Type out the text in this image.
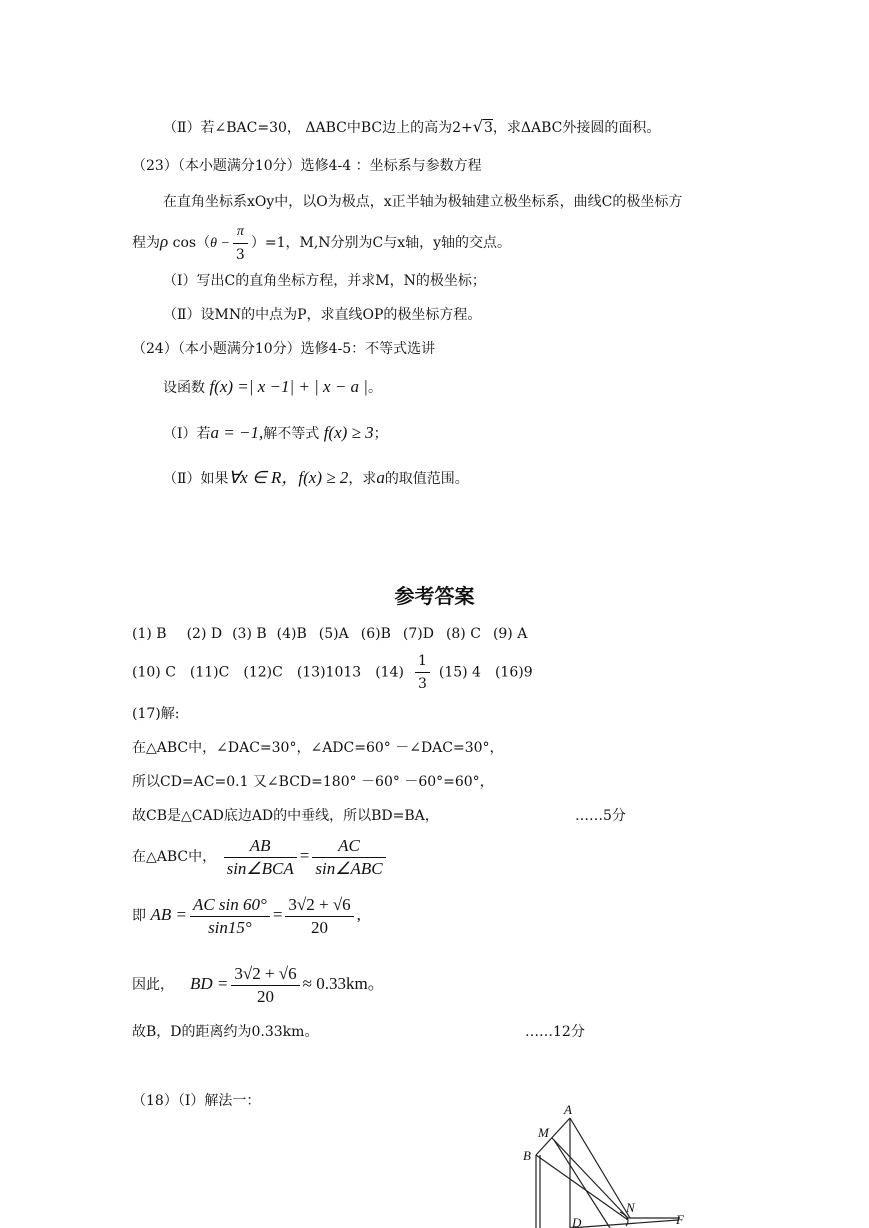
（Ⅱ）若∠BAC=30， ΔABC中BC边上的高为2+√3，求ΔABC外接圆的面积。
（23）（本小题满分10分）选修4-4 ：坐标系与参数方程
在直角坐标系xOy中，以O为极点，x正半轴为极轴建立极坐标系，曲线C的极坐标方
程为ρ $\cos(\theta - \frac{\pi}{3} )=1$，M,N分别为C与x轴，y轴的交点。
（Ⅰ）写出C的直角坐标方程，并求M，N的极坐标；
（Ⅱ）设MN的中点为P，求直线OP的极坐标方程。
（24）（本小题满分10分）选修4-5：不等式选讲
设函数 f(x) =| x −1| + | x − a |。
（Ⅰ）若a = −1,解不等式 f(x) ≥ 3；
（Ⅱ）如果∀x ∈ R，f(x) ≥ 2，求a的取值范围。
参考答案
(1) B (2) D (3) B (4)B (5)A (6)B (7)D (8) C (9) A
(10) C (11)C (12)C (13)1013 $(14) \frac{1}{3} (15)$ 4 (16)9
(17)解:
在△ABC中，∠DAC=30°，∠ADC=60° －∠DAC=30°，
所以CD=AC=0.1 又∠BCD=180° －60° －60°=60°，
故CB是△CAD底边AD的中垂线，所以BD=BA，	……5分
在△ABC中， $\frac{AB}{\text{sin∠BCA}} = \frac{AC}{\text{sin∠ABC}}$
即 AB = $\frac{\text{AC sin 60°}}{\sin 15^\circ} = \frac{3√2 + √6}{20}$ ,
因此， BD = $\frac{3√2 + √6}{20} \approx 0.33km$。
故B，D的距离约为0.33km。	……12分
（18）（Ⅰ）解法一：
A
M
B
N
D	F
